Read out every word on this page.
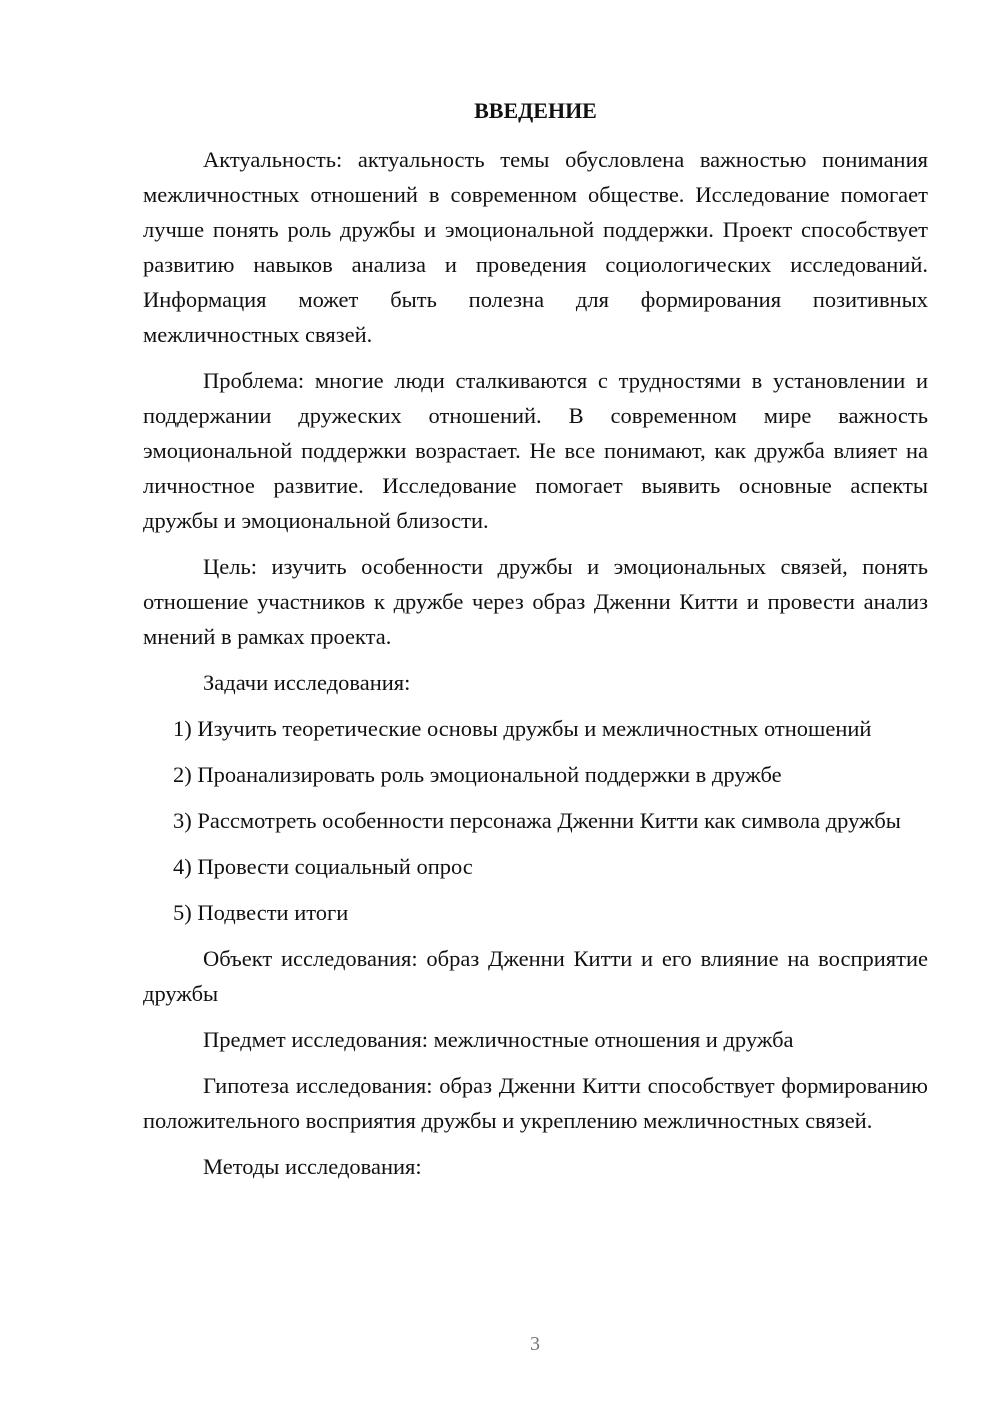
ВВЕДЕНИЕ

Актуальность: актуальность темы обусловлена важностью понимания межличностных отношений в современном обществе. Исследование помогает лучше понять роль дружбы и эмоциональной поддержки. Проект способствует развитию навыков анализа и проведения социологических исследований. Информация может быть полезна для формирования позитивных межличностных связей.

Проблема: многие люди сталкиваются с трудностями в установлении и поддержании дружеских отношений. В современном мире важность эмоциональной поддержки возрастает. Не все понимают, как дружба влияет на личностное развитие. Исследование помогает выявить основные аспекты дружбы и эмоциональной близости.

Цель: изучить особенности дружбы и эмоциональных связей, понять отношение участников к дружбе через образ Дженни Китти и провести анализ мнений в рамках проекта.

Задачи исследования:

1) Изучить теоретические основы дружбы и межличностных отношений

2) Проанализировать роль эмоциональной поддержки в дружбе

3) Рассмотреть особенности персонажа Дженни Китти как символа дружбы

4) Провести социальный опрос

5) Подвести итоги

Объект исследования: образ Дженни Китти и его влияние на восприятие дружбы

Предмет исследования: межличностные отношения и дружба

Гипотеза исследования: образ Дженни Китти способствует формированию положительного восприятия дружбы и укреплению межличностных связей.

Методы исследования:

3
